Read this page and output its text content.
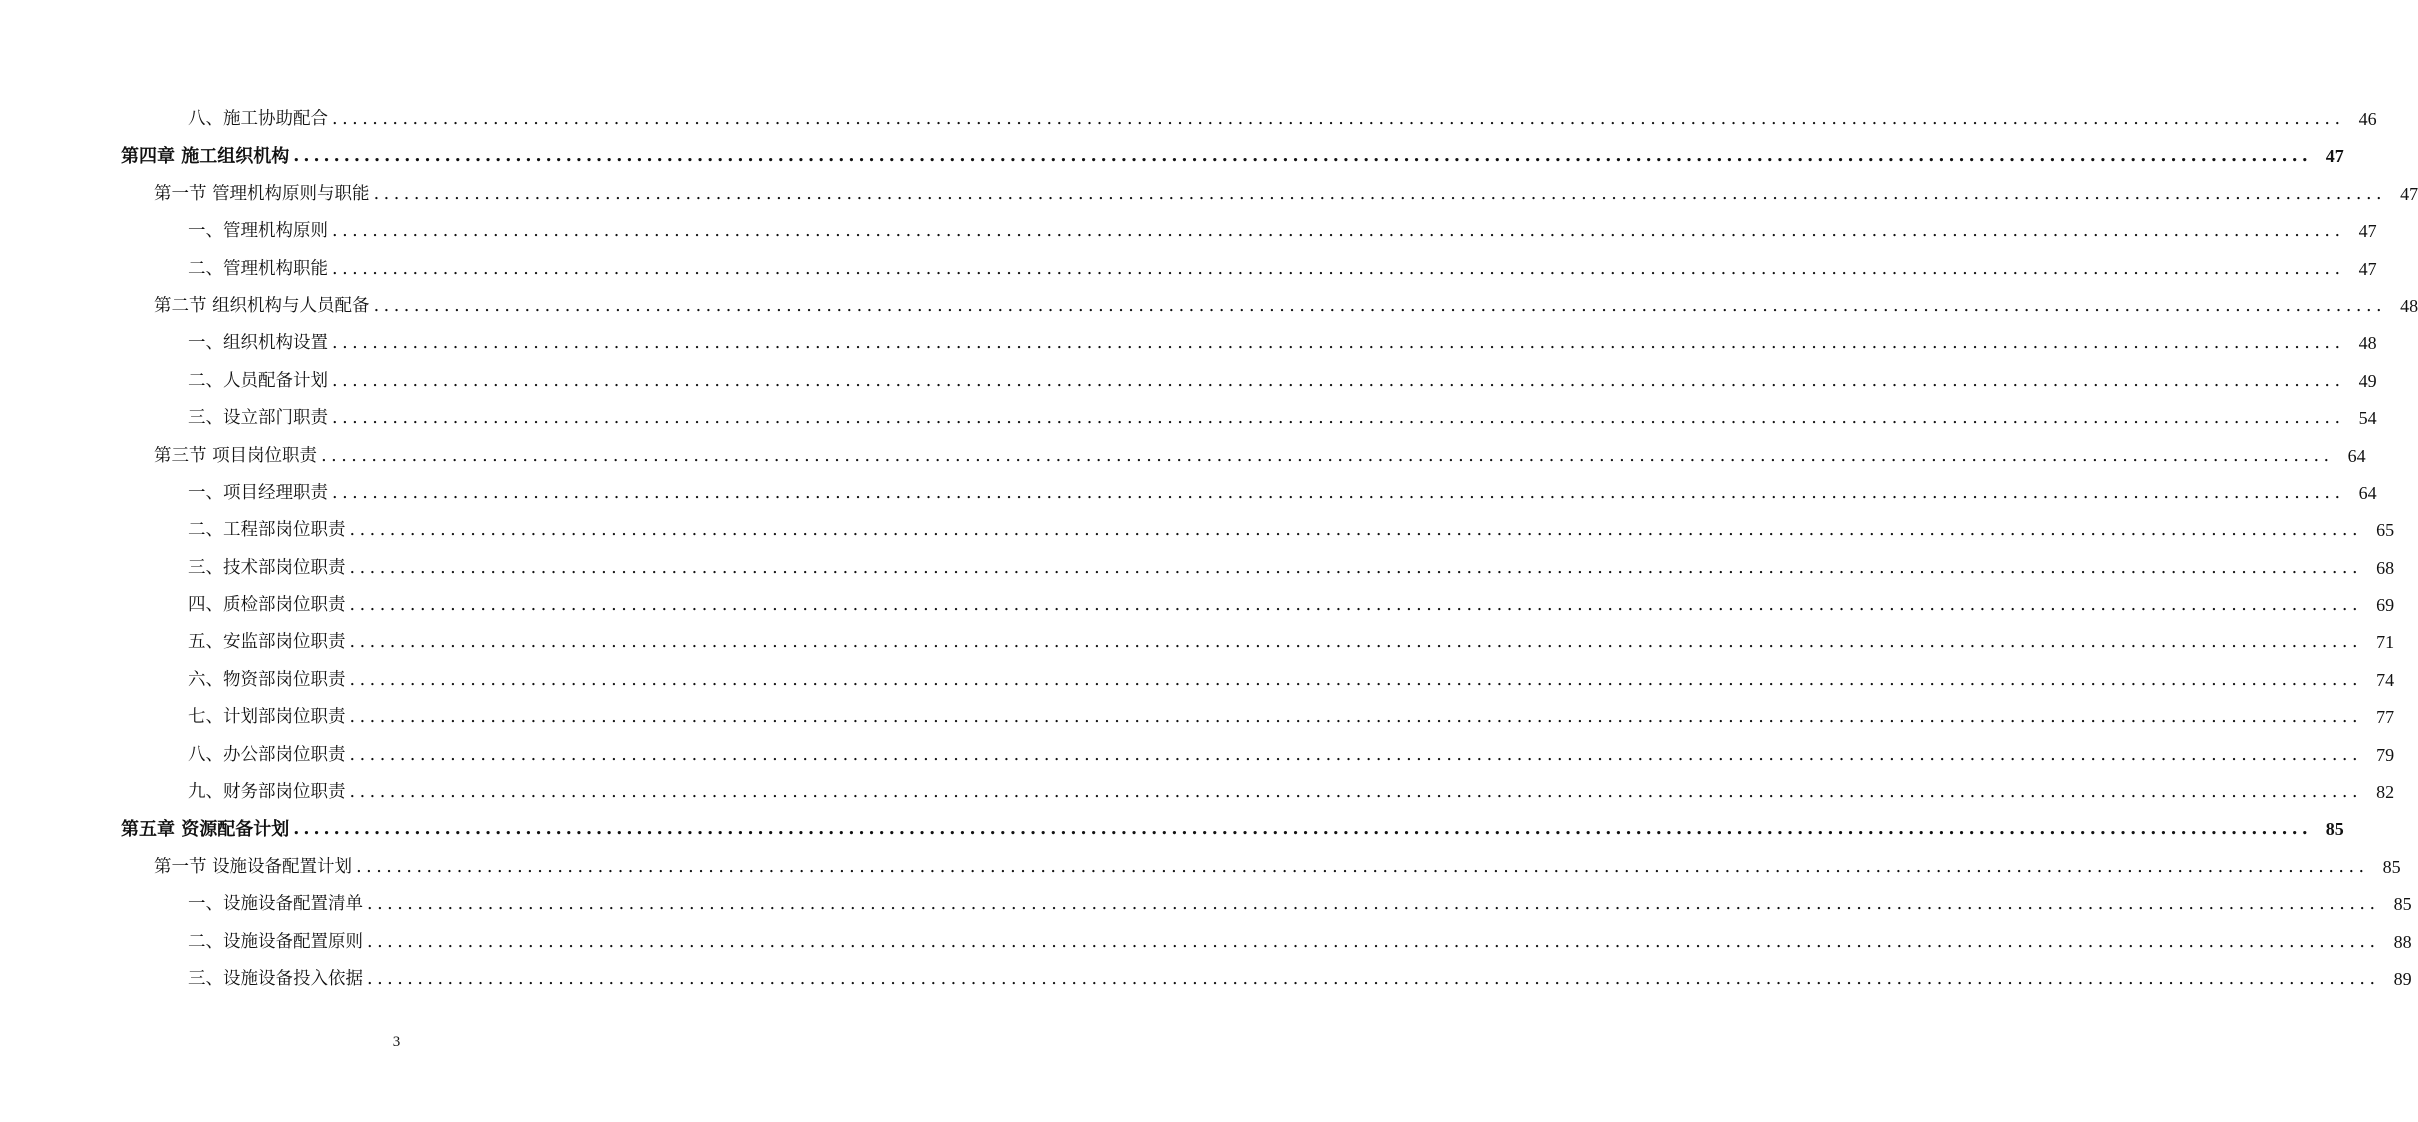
八、施工协助配合 ........................................................................................................................................................................................................ 46
第四章 施工组织机构 ........................................................................................................................................................................................................ 47
第一节 管理机构原则与职能 ........................................................................................................................................................................................................ 47
一、管理机构原则 ........................................................................................................................................................................................................ 47
二、管理机构职能 ........................................................................................................................................................................................................ 47
第二节 组织机构与人员配备 ........................................................................................................................................................................................................ 48
一、组织机构设置 ........................................................................................................................................................................................................ 48
二、人员配备计划 ........................................................................................................................................................................................................ 49
三、设立部门职责 ........................................................................................................................................................................................................ 54
第三节 项目岗位职责 ........................................................................................................................................................................................................ 64
一、项目经理职责 ........................................................................................................................................................................................................ 64
二、工程部岗位职责 ........................................................................................................................................................................................................ 65
三、技术部岗位职责 ........................................................................................................................................................................................................ 68
四、质检部岗位职责 ........................................................................................................................................................................................................ 69
五、安监部岗位职责 ........................................................................................................................................................................................................ 71
六、物资部岗位职责 ........................................................................................................................................................................................................ 74
七、计划部岗位职责 ........................................................................................................................................................................................................ 77
八、办公部岗位职责 ........................................................................................................................................................................................................ 79
九、财务部岗位职责 ........................................................................................................................................................................................................ 82
第五章 资源配备计划 ........................................................................................................................................................................................................ 85
第一节 设施设备配置计划 ........................................................................................................................................................................................................ 85
一、设施设备配置清单 ........................................................................................................................................................................................................ 85
二、设施设备配置原则 ........................................................................................................................................................................................................ 88
三、设施设备投入依据 ........................................................................................................................................................................................................ 89
3
